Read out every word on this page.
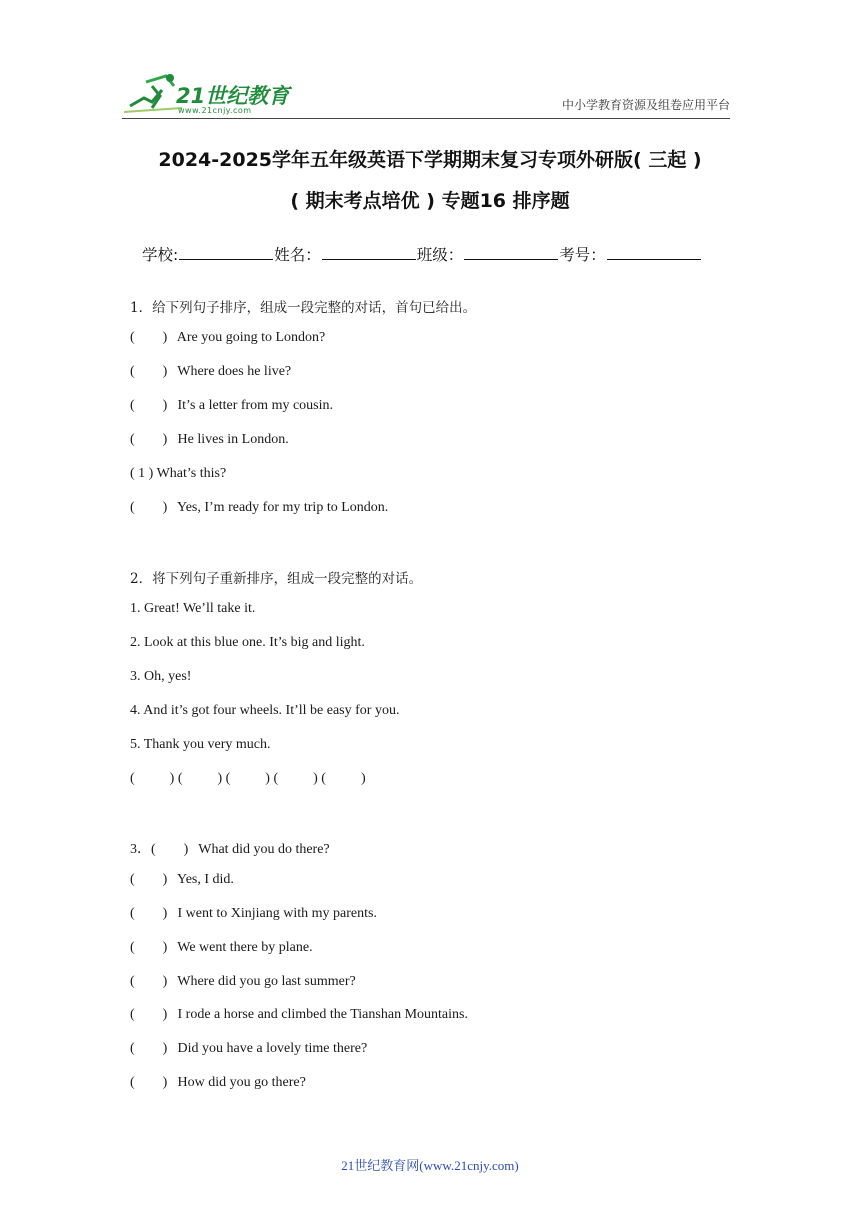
21世纪教育
www.21cnjy.com	中小学教育资源及组卷应用平台
2024-2025学年五年级英语下学期期末复习专项外研版( 三起 )
( 期末考点培优 ) 专题16 排序题
学校:	姓名：	班级：	考号：
1．给下列句子排序，组成一段完整的对话，首句已给出。
(        ) Are you going to London?
(        ) Where does he live?
(        ) It’s a letter from my cousin.
(        ) He lives in London.
( 1 ) What’s this?
(        ) Yes, I’m ready for my trip to London.
2．将下列句子重新排序，组成一段完整的对话。
1. Great! We’ll take it.
2. Look at this blue one. It’s big and light.
3. Oh, yes!
4. And it’s got four wheels. It’ll be easy for you.
5. Thank you very much.
(          ) (          ) (          ) (          ) (          )
3．(        ) What did you do there?
(        ) Yes, I did.
(        ) I went to Xinjiang with my parents.
(        ) We went there by plane.
(        ) Where did you go last summer?
(        ) I rode a horse and climbed the Tianshan Mountains.
(        ) Did you have a lovely time there?
(        ) How did you go there?
21世纪教育网(www.21cnjy.com)
